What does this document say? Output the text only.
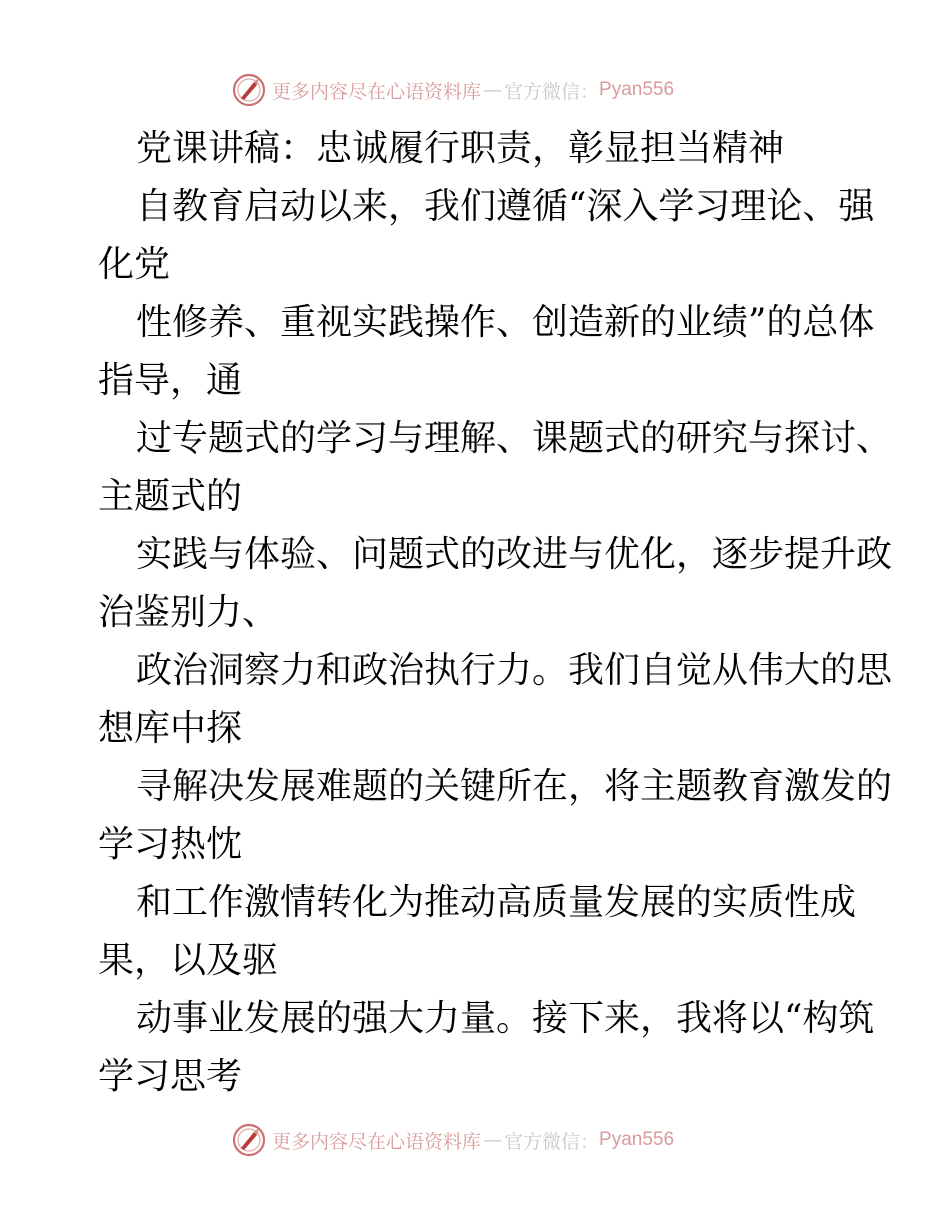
更多内容尽在心语资料库 — 官方微信： Pyan556
党课讲稿：忠诚履行职责，彰显担当精神
自教育启动以来，我们遵循“深入学习理论、强
化党
性修养、重视实践操作、创造新的业绩”的总体
指导，通
过专题式的学习与理解、课题式的研究与探讨、
主题式的
实践与体验、问题式的改进与优化，逐步提升政
治鉴别力、
政治洞察力和政治执行力。我们自觉从伟大的思
想库中探
寻解决发展难题的关键所在，将主题教育激发的
学习热忱
和工作激情转化为推动高质量发展的实质性成
果，以及驱
动事业发展的强大力量。接下来，我将以“构筑
学习思考
更多内容尽在心语资料库 — 官方微信： Pyan556
